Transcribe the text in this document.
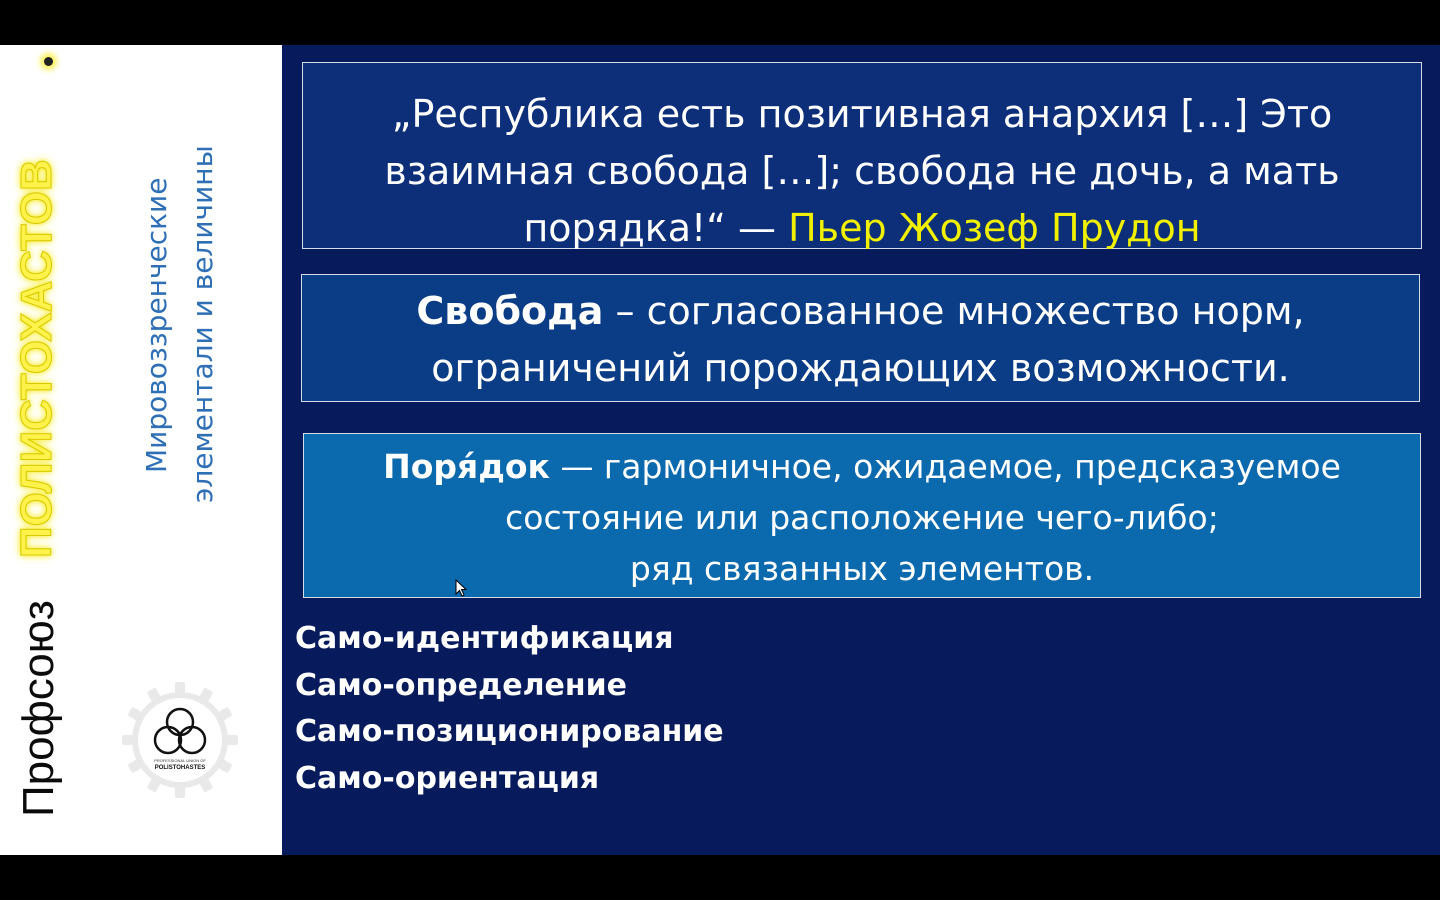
Профсоюз
ПОЛИСТОХАСТОВ	Мировоззренческие элементали и величины
PROFESSIONAL UNION OF
POLISTOHASTES
„Республика есть позитивная анархия […] Это
взаимная свобода […]; свобода не дочь, а мать
порядка!“ — Пьер Жозеф Прудон
Свобода – согласованное множество норм,
ограничений порождающих возможности.
Поря́док — гармоничное, ожидаемое, предсказуемое
состояние или расположение чего-либо;
ряд связанных элементов.
Само-идентификация
Само-определение
Само-позиционирование
Само-ориентация
